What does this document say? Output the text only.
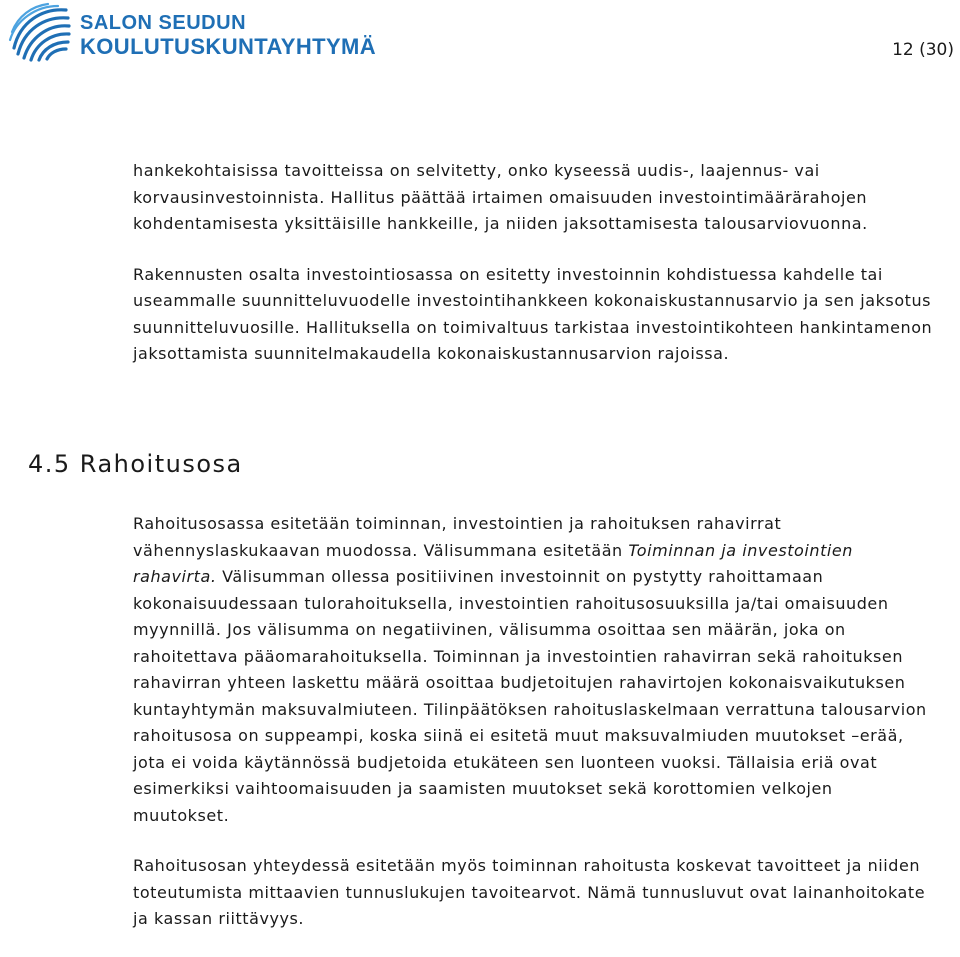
SALON SEUDUN
KOULUTUSKUNTAYHTYMÄ	12 (30)

hankekohtaisissa tavoitteissa on selvitetty, onko kyseessä uudis-, laajennus- vai korvausinvestoinnista. Hallitus päättää irtaimen omaisuuden investointimäärärahojen kohdentamisesta yksittäisille hankkeille, ja niiden jaksottamisesta talousarviovuonna.

Rakennusten osalta investointiosassa on esitetty investoinnin kohdistuessa kahdelle tai useammalle suunnitteluvuodelle investointihankkeen kokonaiskustannusarvio ja sen jaksotus suunnitteluvuosille. Hallituksella on toimivaltuus tarkistaa investointikohteen hankintamenon jaksottamista suunnitelmakaudella kokonaiskustannusarvion rajoissa.

4.5 Rahoitusosa

Rahoitusosassa esitetään toiminnan, investointien ja rahoituksen rahavirrat vähennyslaskukaavan muodossa. Välisummana esitetään Toiminnan ja investointien rahavirta. Välisumman ollessa positiivinen investoinnit on pystytty rahoittamaan kokonaisuudessaan tulorahoituksella, investointien rahoitusosuuksilla ja/tai omaisuuden myynnillä. Jos välisumma on negatiivinen, välisumma osoittaa sen määrän, joka on rahoitettava pääomarahoituksella. Toiminnan ja investointien rahavirran sekä rahoituksen rahavirran yhteen laskettu määrä osoittaa budjetoitujen rahavirtojen kokonaisvaikutuksen kuntayhtymän maksuvalmiuteen. Tilinpäätöksen rahoituslaskelmaan verrattuna talousarvion rahoitusosa on suppeampi, koska siinä ei esitetä muut maksuvalmiuden muutokset –erää, jota ei voida käytännössä budjetoida etukäteen sen luonteen vuoksi. Tällaisia eriä ovat esimerkiksi vaihtoomaisuuden ja saamisten muutokset sekä korottomien velkojen muutokset.

Rahoitusosan yhteydessä esitetään myös toiminnan rahoitusta koskevat tavoitteet ja niiden toteutumista mittaavien tunnuslukujen tavoitearvot. Nämä tunnusluvut ovat lainanhoitokate ja kassan riittävyys.
